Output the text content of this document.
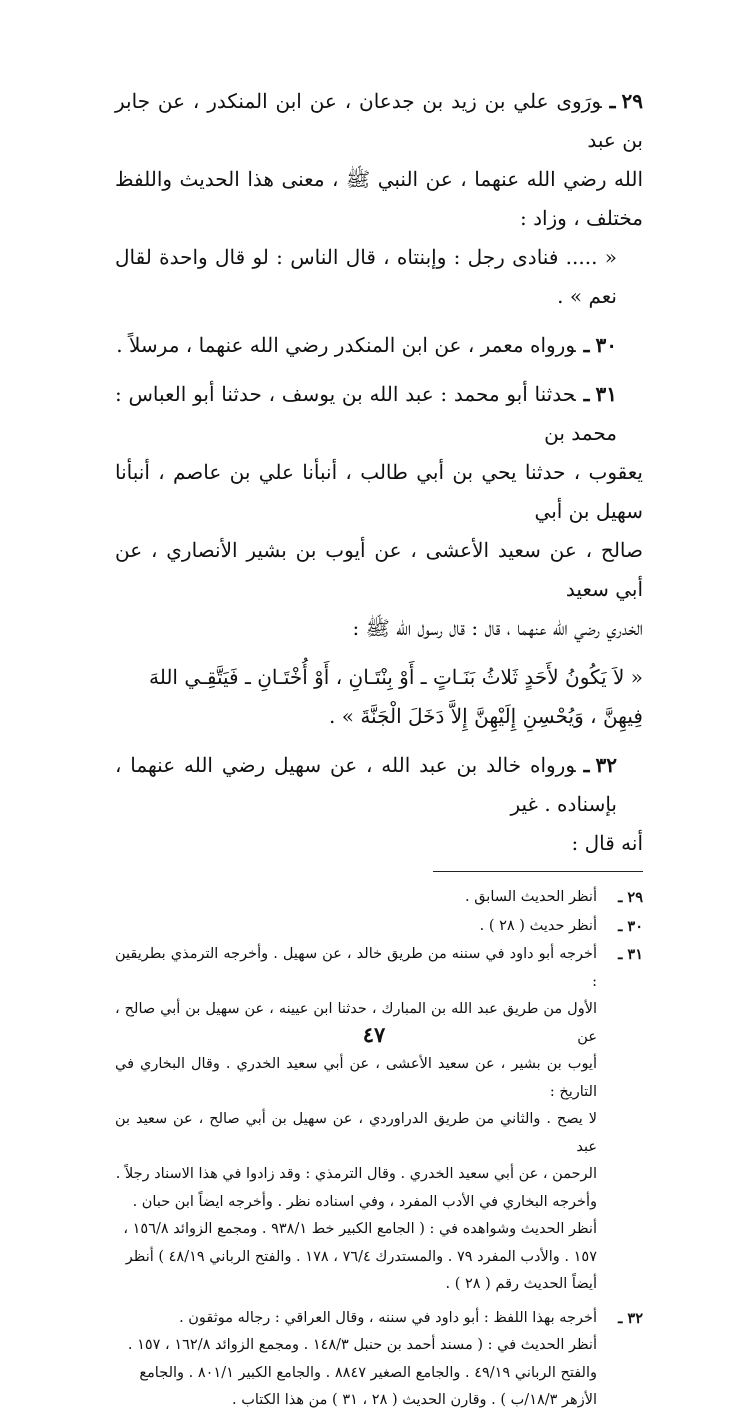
٢٩ـورَوى علي بن زيد بن جدعان ، عن ابن المنكدر ، عن جابر بن عبد
الله رضي الله عنهما ، عن النبي ﷺ ، معنى هذا الحديث واللفظ مختلف ، وزاد :
« ..... فنادى رجل : وإبنتاه ، قال الناس : لو قال واحدة لقال نعم » .
٣٠ـورواه معمر ، عن ابن المنكدر رضي الله عنهما ، مرسلاً .
٣١ـحدثنا أبو محمد : عبد الله بن يوسف ، حدثنا أبو العباس : محمد بن
يعقوب ، حدثنا يحي بن أبي طالب ، أنبأنا علي بن عاصم ، أنبأنا سهيل بن أبي
صالح ، عن سعيد الأعشى ، عن أيوب بن بشير الأنصاري ، عن أبي سعيد
الخدري رضي الله عنهما ، قال : قال رسول الله ﷺ :
« لاَ يَكُونُ لأَحَدٍ ثَلاثُ بَنَـاتٍ ـ أَوْ بِنْتَـانِ ، أَوْ أُخْتَـانِ ـ فَيَتَّقِـي اللهَ
فِيهِنَّ ، وَيُحْسِنِ إِلَيْهِنَّ إِلاَّ دَخَلَ الْجَنَّةَ » .
٣٢ـورواه خالد بن عبد الله ، عن سهيل رضي الله عنهما ، بإسناده . غير
أنه قال :
٢٩ ـ
أنظر الحديث السابق .
٣٠ ـ
أنظر حديث ( ٢٨ ) .
٣١ ـ
أخرجه أبو داود في سننه من طريق خالد ، عن سهيل . وأخرجه الترمذي بطريقين :
الأول من طريق عبد الله بن المبارك ، حدثنا ابن عيينه ، عن سهيل بن أبي صالح ، عن
أيوب بن بشير ، عن سعيد الأعشى ، عن أبي سعيد الخدري . وقال البخاري في التاريخ :
لا يصح . والثاني من طريق الدراوردي ، عن سهيل بن أبي صالح ، عن سعيد بن عبد
الرحمن ، عن أبي سعيد الخدري . وقال الترمذي : وقد زادوا في هذا الاسناد رجلاً .
وأخرجه البخاري في الأدب المفرد ، وفي اسناده نظر . وأخرجه ايضاً ابن حبان .
أنظر الحديث وشواهده في : ( الجامع الكبير خط ٩٣٨/١ . ومجمع الزوائد ١٥٦/٨ ،
١٥٧ . والأدب المفرد ٧٩ . والمستدرك ٧٦/٤ ، ١٧٨ . والفتح الرباني ٤٨/١٩ ) أنظر
أيضاً الحديث رقم ( ٢٨ ) .
٣٢ ـ
أخرجه بهذا اللفظ : أبو داود في سننه ، وقال العراقي : رجاله موثقون .
أنظر الحديث في : ( مسند أحمد بن حنبل ١٤٨/٣ . ومجمع الزوائد ١٦٢/٨ ، ١٥٧ .
والفتح الرباني ٤٩/١٩ . والجامع الصغير ٨٨٤٧ . والجامع الكبير ٨٠١/١ . والجامع
الأزهر ١٨/٣/ب ) . وقارن الحديث ( ٢٨ ، ٣١ ) من هذا الكتاب .
٤٧
